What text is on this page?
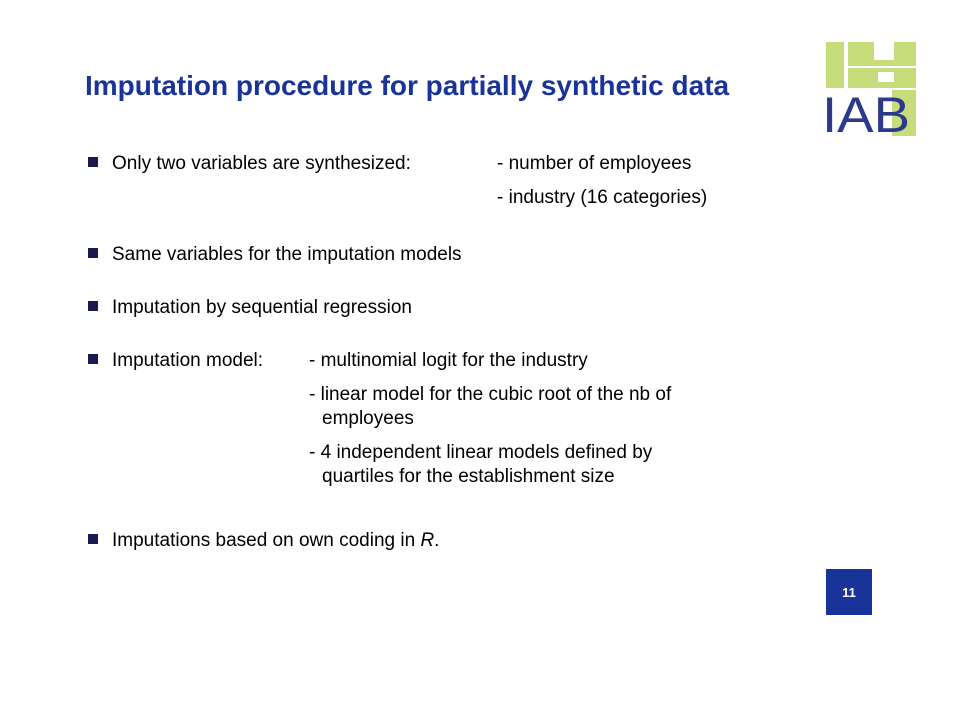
Imputation procedure for partially synthetic data
IAB
Only two variables are synthesized:	- number of employees
- industry (16 categories)
Same variables for the imputation models
Imputation by sequential regression
Imputation model: - multinomial logit for the industry
- linear model for the cubic root of the nb of
employees
- 4 independent linear models defined by
quartiles for the establishment size
Imputations based on own coding in R.
11
